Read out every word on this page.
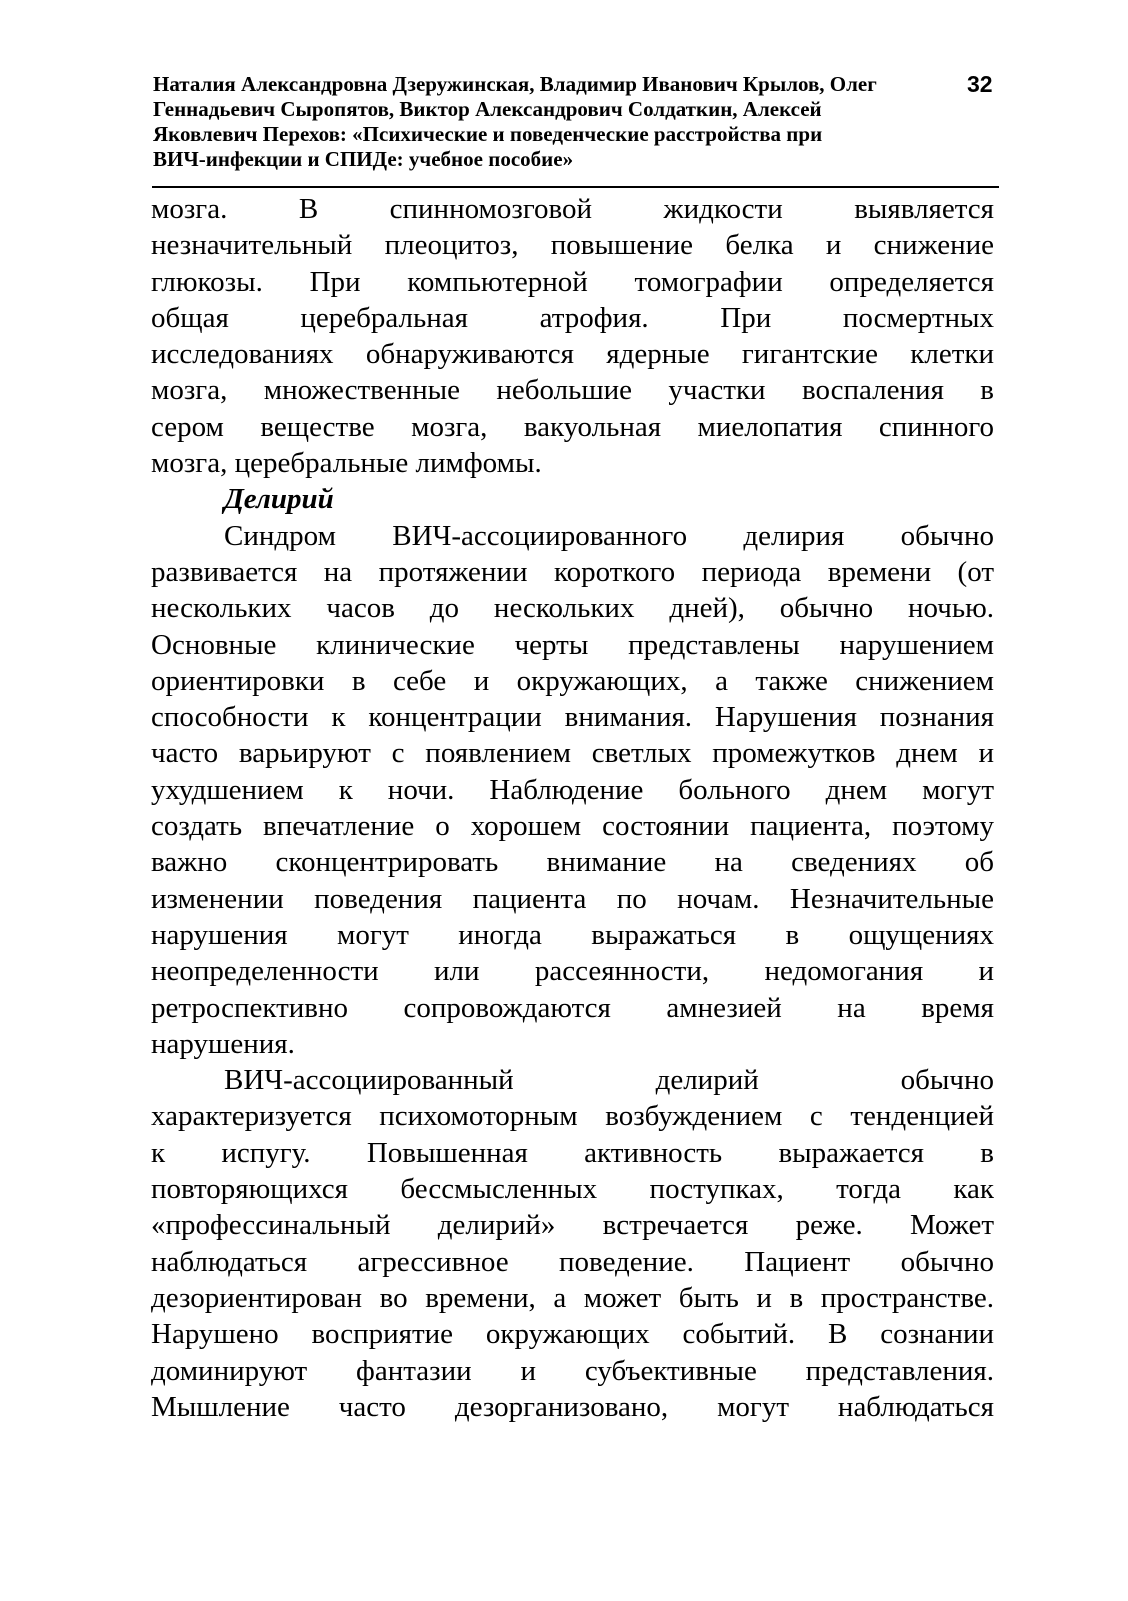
Наталия Александровна Дзеружинская, Владимир Иванович Крылов, Олег
Геннадьевич Сыропятов, Виктор Александрович Солдаткин, Алексей
Яковлевич Перехов: «Психические и поведенческие расстройства при
ВИЧ-инфекции и СПИДе: учебное пособие»
32
мозга. В спинномозговой жидкости выявляется
незначительный плеоцитоз, повышение белка и снижение
глюкозы. При компьютерной томографии определяется
общая церебральная атрофия. При посмертных
исследованиях обнаруживаются ядерные гигантские клетки
мозга, множественные небольшие участки воспаления в
сером веществе мозга, вакуольная миелопатия спинного
мозга, церебральные лимфомы.
Делирий
Синдром ВИЧ-ассоциированного делирия обычно
развивается на протяжении короткого периода времени (от
нескольких часов до нескольких дней), обычно ночью.
Основные клинические черты представлены нарушением
ориентировки в себе и окружающих, а также снижением
способности к концентрации внимания. Нарушения познания
часто варьируют с появлением светлых промежутков днем и
ухудшением к ночи. Наблюдение больного днем могут
создать впечатление о хорошем состоянии пациента, поэтому
важно сконцентрировать внимание на сведениях об
изменении поведения пациента по ночам. Незначительные
нарушения могут иногда выражаться в ощущениях
неопределенности или рассеянности, недомогания и
ретроспективно сопровождаются амнезией на время
нарушения.
ВИЧ-ассоциированный делирий обычно
характеризуется психомоторным возбуждением с тенденцией
к испугу. Повышенная активность выражается в
повторяющихся бессмысленных поступках, тогда как
«профессинальный делирий» встречается реже. Может
наблюдаться агрессивное поведение. Пациент обычно
дезориентирован во времени, а может быть и в пространстве.
Нарушено восприятие окружающих событий. В сознании
доминируют фантазии и субъективные представления.
Мышление часто дезорганизовано, могут наблюдаться
